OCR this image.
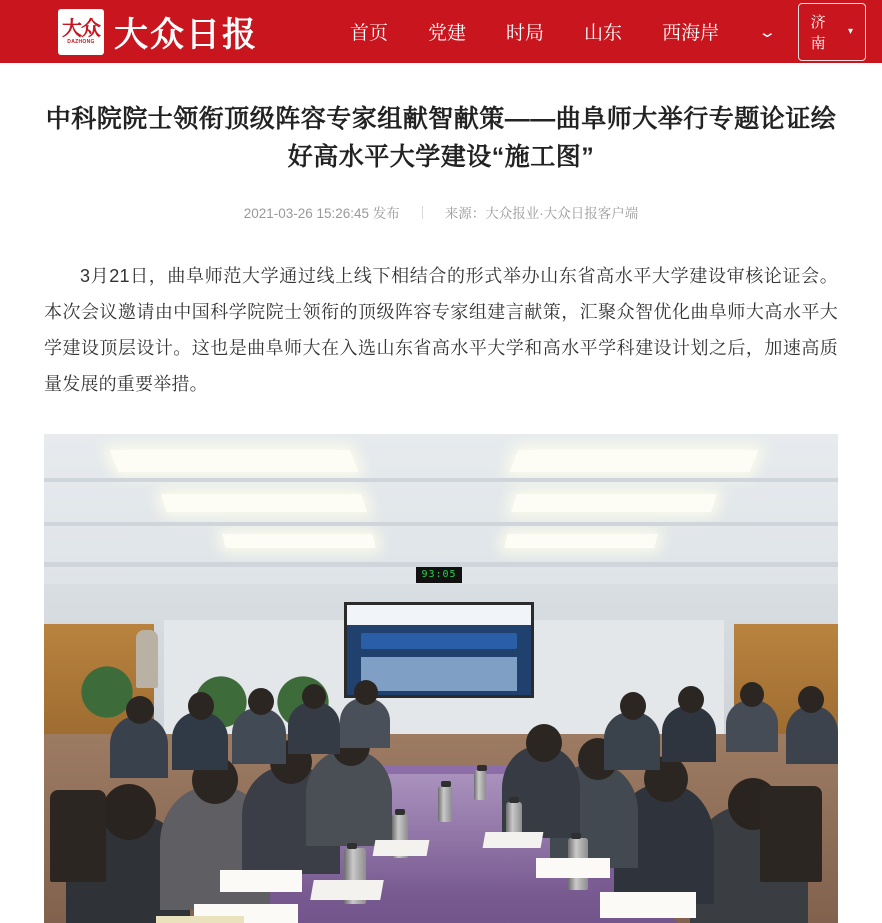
大众
DAZHONG 大众日报	首页	党建	时局	山东	西海岸	⌄
济南
▾
中科院院士领衔顶级阵容专家组献智献策——曲阜师大举行专题论证绘好高水平大学建设“施工图”
2021-03-26 15:26:45 发布	来源：大众报业·大众日报客户端

3月21日，曲阜师范大学通过线上线下相结合的形式举办山东省高水平大学建设审核论证会。本次会议邀请由中国科学院院士领衔的顶级阵容专家组建言献策，汇聚众智优化曲阜师大高水平大学建设顶层设计。这也是曲阜师大在入选山东省高水平大学和高水平学科建设计划之后，加速高质量发展的重要举措。

93:05
